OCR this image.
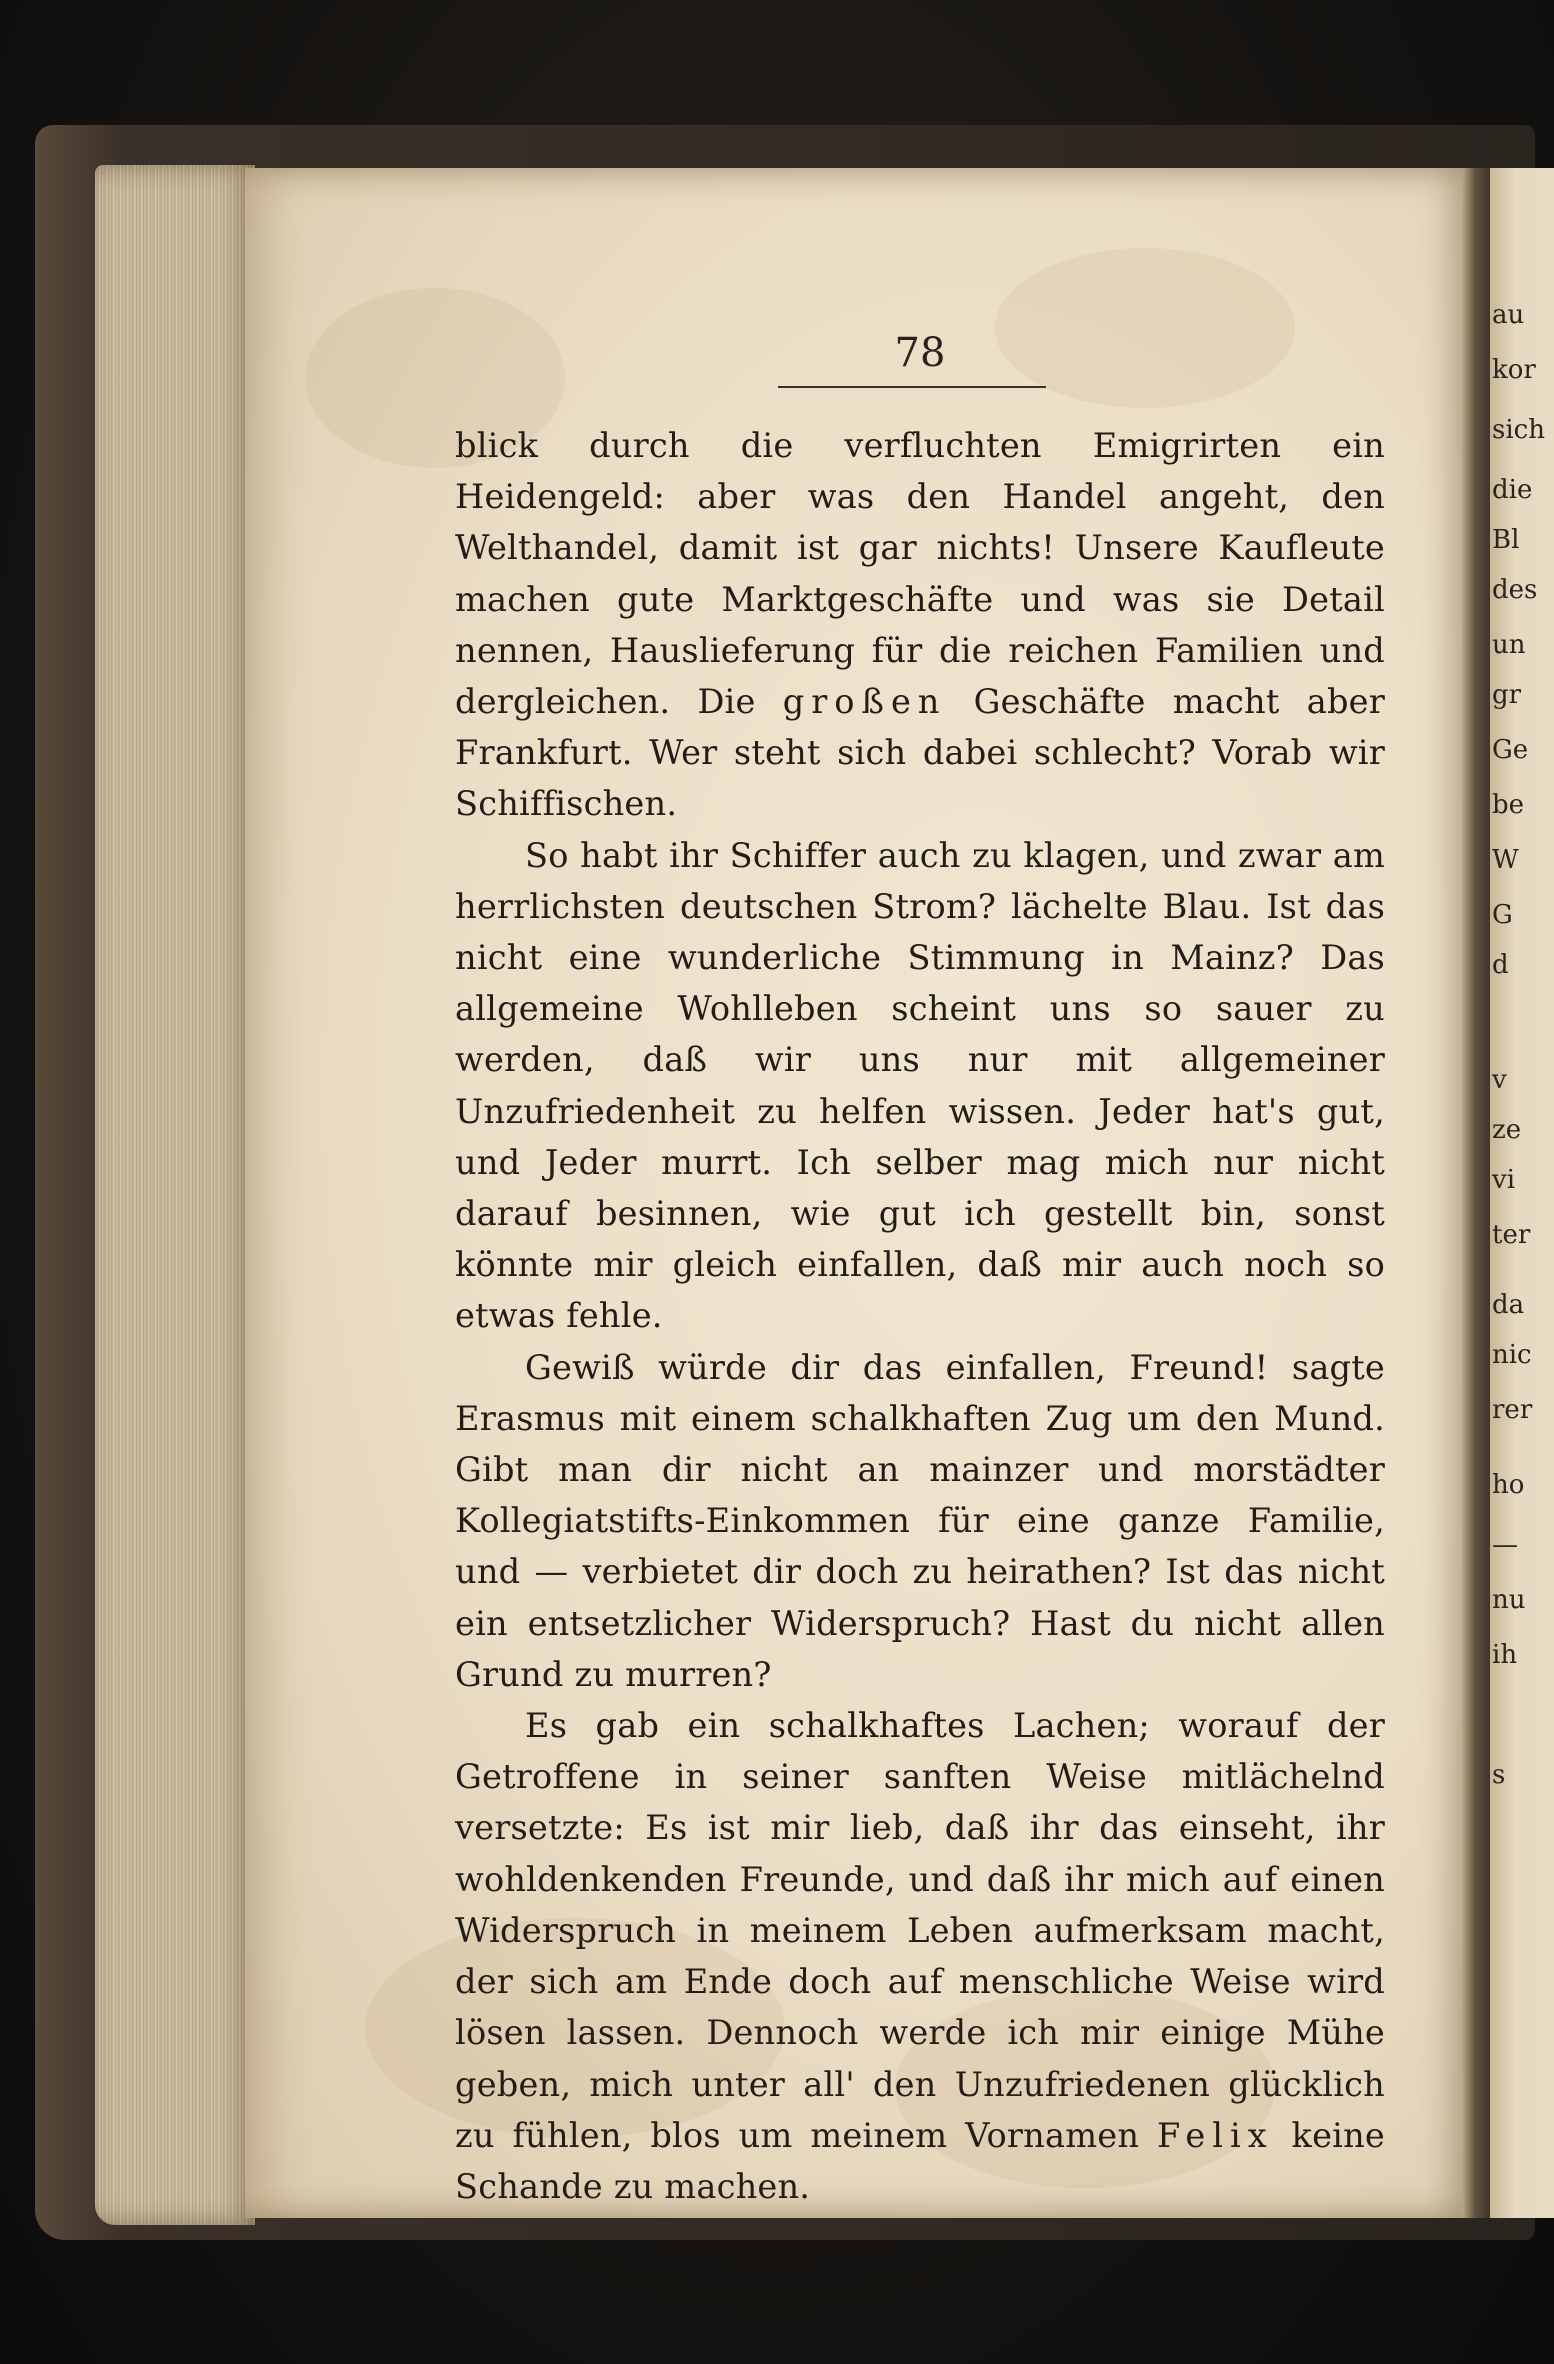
au
kor
sich
die
Bl
des
un
gr
Ge
be
W
G
d
v
ze
vi
ter
da
nic
rer
ho
—
nu
ih
s
78

blick durch die verfluchten Emigrirten ein Heidengeld: aber was den Handel angeht, den Welthandel, damit ist gar nichts! Unsere Kaufleute machen gute Marktgeschäfte und was sie Detail nennen, Hauslieferung für die reichen Familien und dergleichen. Die großen Geschäfte macht aber Frankfurt. Wer steht sich dabei schlecht? Vorab wir Schiffischen.

So habt ihr Schiffer auch zu klagen, und zwar am herrlichsten deutschen Strom? lächelte Blau. Ist das nicht eine wunderliche Stimmung in Mainz? Das allgemeine Wohlleben scheint uns so sauer zu werden, daß wir uns nur mit allgemeiner Unzufriedenheit zu helfen wissen. Jeder hat's gut, und Jeder murrt. Ich selber mag mich nur nicht darauf besinnen, wie gut ich gestellt bin, sonst könnte mir gleich einfallen, daß mir auch noch so etwas fehle.

Gewiß würde dir das einfallen, Freund! sagte Erasmus mit einem schalkhaften Zug um den Mund. Gibt man dir nicht an mainzer und morstädter Kollegiatstifts-Einkommen für eine ganze Familie, und — verbietet dir doch zu heirathen? Ist das nicht ein entsetzlicher Widerspruch? Hast du nicht allen Grund zu murren?

Es gab ein schalkhaftes Lachen; worauf der Getroffene in seiner sanften Weise mitlächelnd versetzte: Es ist mir lieb, daß ihr das einseht, ihr wohldenkenden Freunde, und daß ihr mich auf einen Widerspruch in meinem Leben aufmerksam macht, der sich am Ende doch auf menschliche Weise wird lösen lassen. Dennoch werde ich mir einige Mühe geben, mich unter all' den Unzufriedenen glücklich zu fühlen, blos um meinem Vornamen Felix keine Schande zu machen.
